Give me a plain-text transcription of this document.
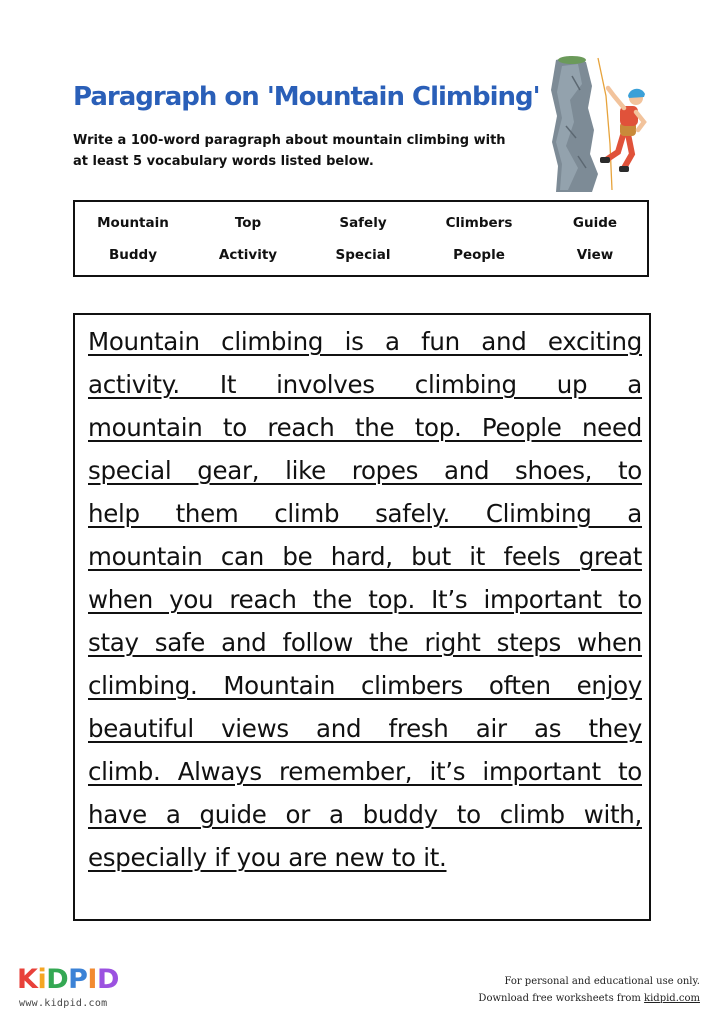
Paragraph on 'Mountain Climbing'
Write a 100-word paragraph about mountain climbing with
at least 5 vocabulary words listed below.
Mountain	Top	Safely	Climbers	Guide
Buddy	Activity	Special	People	View
Mountain climbing is a fun and exciting
activity. It involves climbing up a
mountain to reach the top. People need
special gear, like ropes and shoes, to
help them climb safely. Climbing a
mountain can be hard, but it feels great
when you reach the top. It’s important to
stay safe and follow the right steps when
climbing. Mountain climbers often enjoy
beautiful views and fresh air as they
climb. Always remember, it’s important to
have a guide or a buddy to climb with,
especially if you are new to it.
K i D P I D
www.kidpid.com
For personal and educational use only.
Download free worksheets from kidpid.com
